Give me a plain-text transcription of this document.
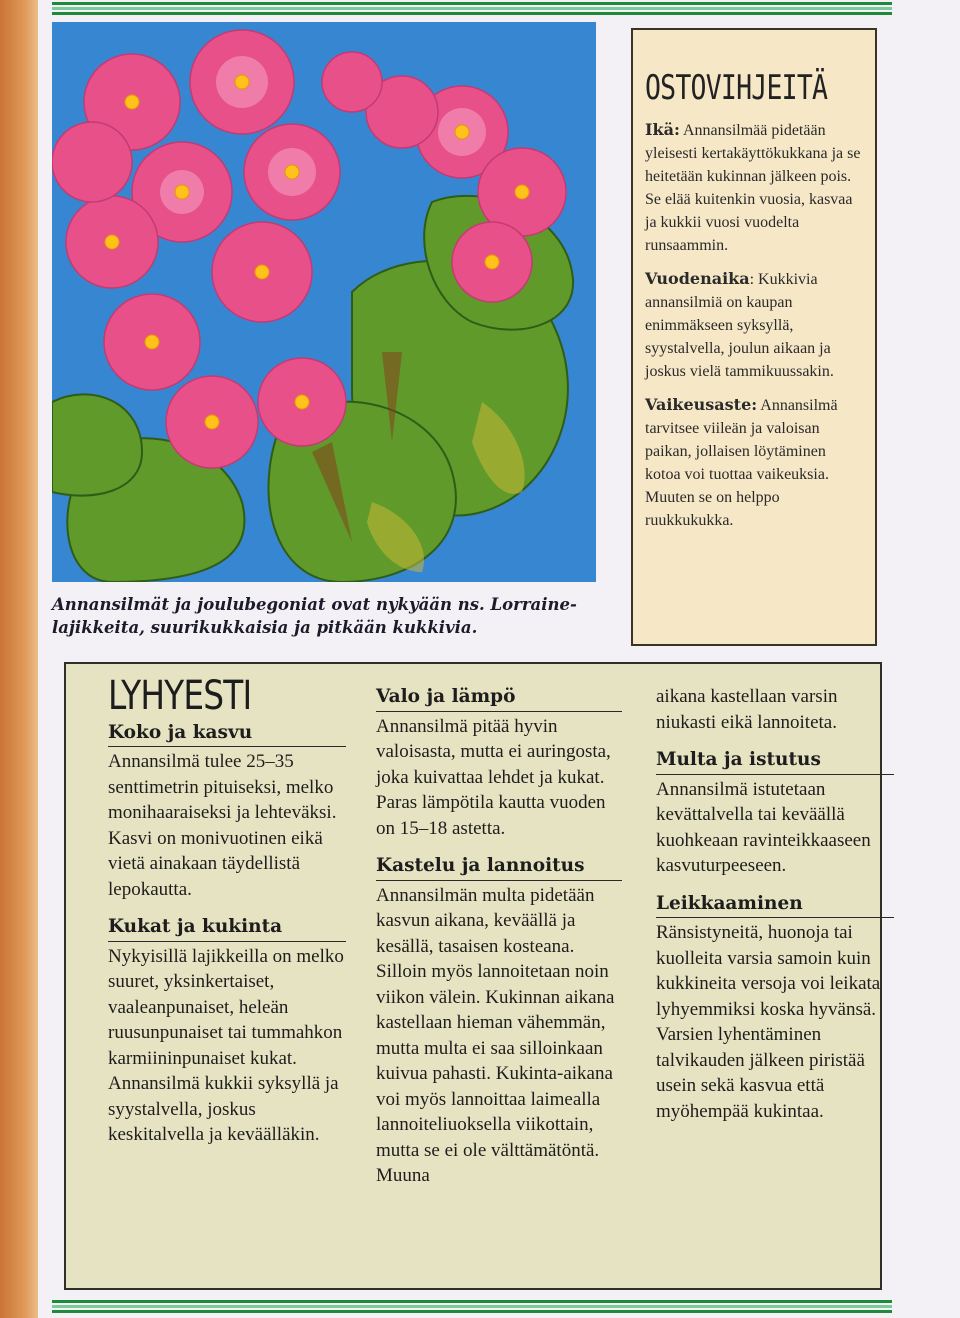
Annansilmät ja joulubegoniat ovat nykyään ns. Lorraine-lajikkeita, suurikukkaisia ja pitkään kukkivia.
OSTOVIHJEITÄ

Ikä: Annansilmää pidetään yleisesti kertakäyttökukkana ja se heitetään kukinnan jälkeen pois. Se elää kuitenkin vuosia, kasvaa ja kukkii vuosi vuodelta runsaammin.

Vuodenaika: Kukkivia annansilmiä on kaupan enimmäkseen syksyllä, syystalvella, joulun aikaan ja joskus vielä tammikuussakin.

Vaikeusaste: Annansilmä tarvitsee viileän ja valoisan paikan, jollaisen löytäminen kotoa voi tuottaa vaikeuksia. Muuten se on helppo ruukkukukka.

LYHYESTI
Koko ja kasvu

Annansilmä tulee 25–35 senttimetrin pituiseksi, melko monihaaraiseksi ja lehteväksi. Kasvi on monivuotinen eikä vietä ainakaan täydellistä lepokautta.

Kukat ja kukinta

Nykyisillä lajikkeilla on melko suuret, yksinkertaiset, vaaleanpunaiset, heleän ruusunpunaiset tai tummahkon karmiininpunaiset kukat. Annansilmä kukkii syksyllä ja syystalvella, joskus keskitalvella ja keväälläkin.

Valo ja lämpö

Annansilmä pitää hyvin valoisasta, mutta ei auringosta, joka kuivattaa lehdet ja kukat. Paras lämpötila kautta vuoden on 15–18 astetta.

Kastelu ja lannoitus

Annansilmän multa pidetään kasvun aikana, keväällä ja kesällä, tasaisen kosteana. Silloin myös lannoitetaan noin viikon välein. Kukinnan aikana kastellaan hieman vähemmän, mutta multa ei saa silloinkaan kuivua pahasti. Kukinta-aikana voi myös lannoittaa laimealla lannoiteliuoksella viikottain, mutta se ei ole välttämätöntä. Muuna

aikana kastellaan varsin niukasti eikä lannoiteta.

Multa ja istutus

Annansilmä istutetaan kevättalvella tai keväällä kuohkeaan ravinteikkaaseen kasvuturpeeseen.

Leikkaaminen

Ränsistyneitä, huonoja tai kuolleita varsia samoin kuin kukkineita versoja voi leikata lyhyemmiksi koska hyvänsä. Varsien lyhentäminen talvikauden jälkeen piristää usein sekä kasvua että myöhempää kukintaa.
